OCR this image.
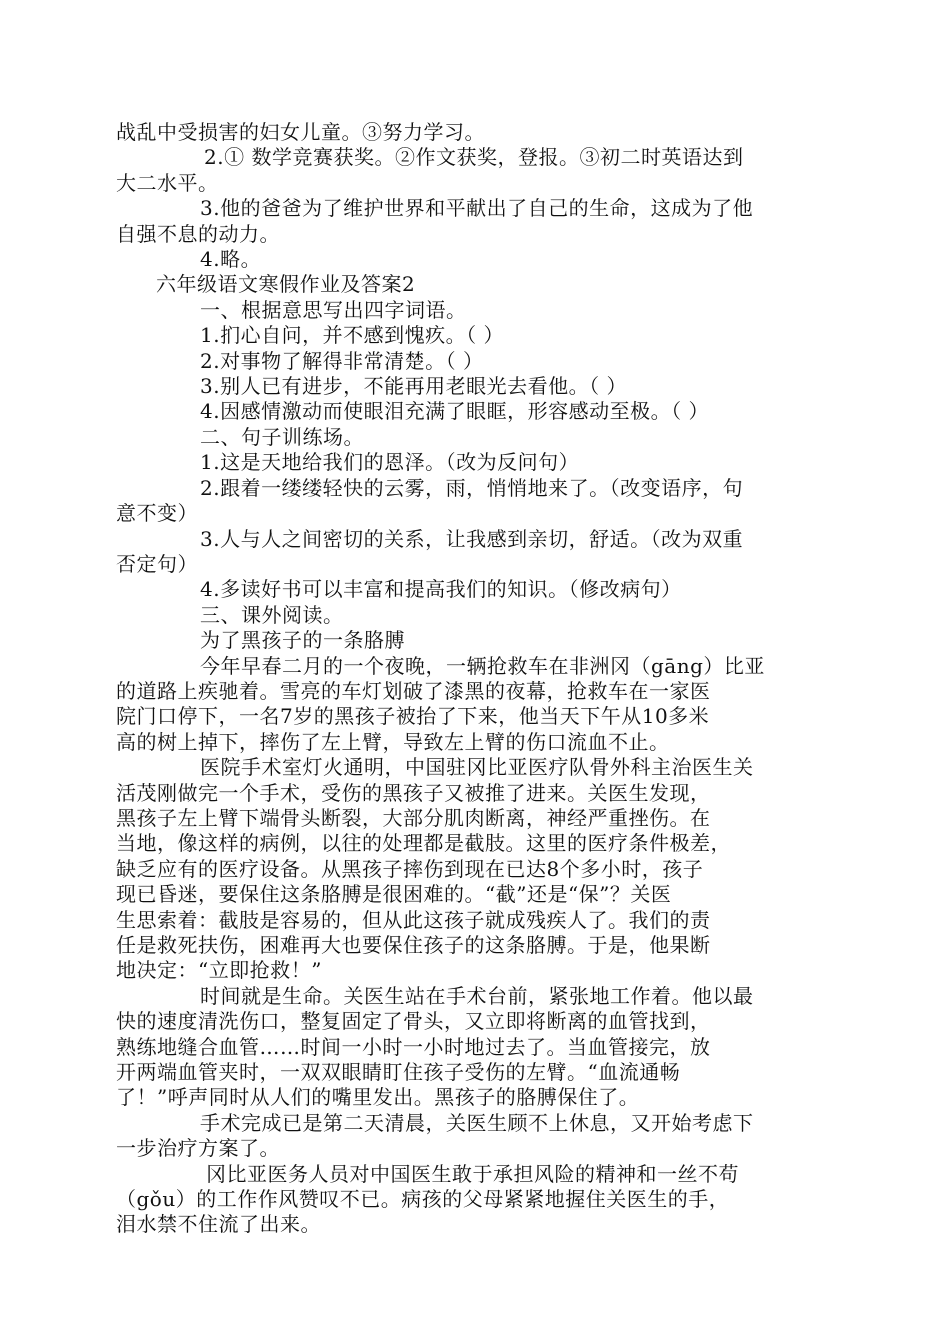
战乱中受损害的妇女儿童。③努力学习。
2.① 数学竞赛获奖。②作文获奖，登报。③初二时英语达到
大二水平。
3.他的爸爸为了维护世界和平献出了自己的生命，这成为了他
自强不息的动力。
4.略。
六年级语文寒假作业及答案2
一、根据意思写出四字词语。
1.扪心自问，并不感到愧疚。（ ）
2.对事物了解得非常清楚。（ ）
3.别人已有进步，不能再用老眼光去看他。（ ）
4.因感情激动而使眼泪充满了眼眶，形容感动至极。（ ）
二、句子训练场。
1.这是天地给我们的恩泽。（改为反问句）
2.跟着一缕缕轻快的云雾，雨，悄悄地来了。（改变语序，句
意不变）
3.人与人之间密切的关系，让我感到亲切，舒适。（改为双重
否定句）
4.多读好书可以丰富和提高我们的知识。（修改病句）
三、课外阅读。
为了黑孩子的一条胳膊
今年早春二月的一个夜晚，一辆抢救车在非洲冈（gāng）比亚
的道路上疾驰着。雪亮的车灯划破了漆黑的夜幕，抢救车在一家医
院门口停下，一名7岁的黑孩子被抬了下来，他当天下午从10多米
高的树上掉下，摔伤了左上臂，导致左上臂的伤口流血不止。
医院手术室灯火通明，中国驻冈比亚医疗队骨外科主治医生关
活茂刚做完一个手术，受伤的黑孩子又被推了进来。关医生发现，
黑孩子左上臂下端骨头断裂，大部分肌肉断离，神经严重挫伤。在
当地，像这样的病例，以往的处理都是截肢。这里的医疗条件极差，
缺乏应有的医疗设备。从黑孩子摔伤到现在已达8个多小时，孩子
现已昏迷，要保住这条胳膊是很困难的。“截”还是“保”？关医
生思索着：截肢是容易的，但从此这孩子就成残疾人了。我们的责
任是救死扶伤，困难再大也要保住孩子的这条胳膊。于是，他果断
地决定：“立即抢救！”
时间就是生命。关医生站在手术台前，紧张地工作着。他以最
快的速度清洗伤口，整复固定了骨头，又立即将断离的血管找到，
熟练地缝合血管……时间一小时一小时地过去了。当血管接完，放
开两端血管夹时，一双双眼睛盯住孩子受伤的左臂。“血流通畅
了！”呼声同时从人们的嘴里发出。黑孩子的胳膊保住了。
手术完成已是第二天清晨，关医生顾不上休息，又开始考虑下
一步治疗方案了。
冈比亚医务人员对中国医生敢于承担风险的精神和一丝不苟
（gǒu）的工作作风赞叹不已。病孩的父母紧紧地握住关医生的手，
泪水禁不住流了出来。
